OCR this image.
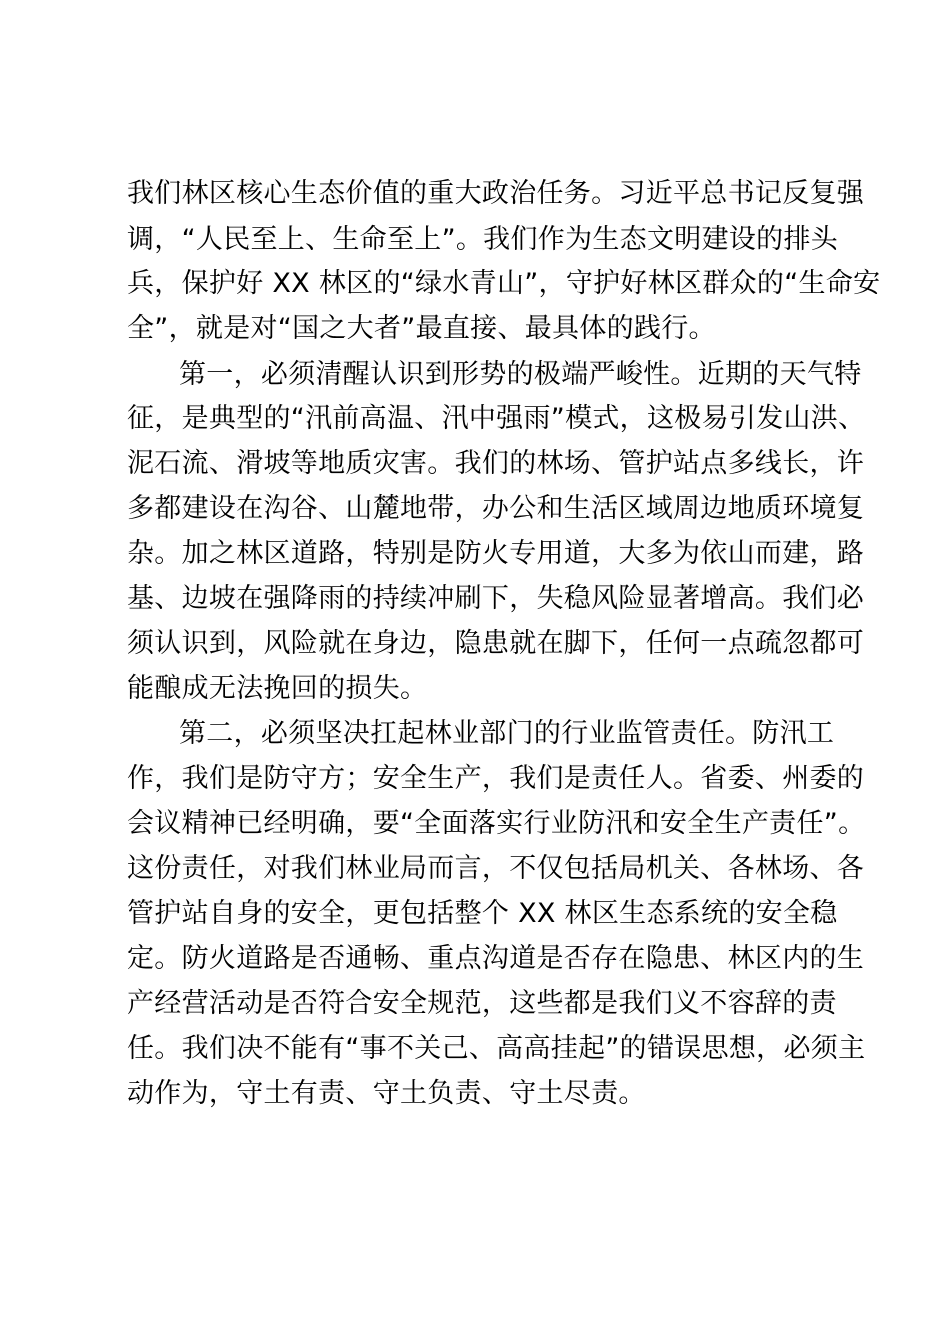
我们林区核心生态价值的重大政治任务。习近平总书记反复强
调，“人民至上、生命至上”。我们作为生态文明建设的排头
兵，保护好 XX 林区的“绿水青山”，守护好林区群众的“生命安
全”，就是对“国之大者”最直接、最具体的践行。
第一，必须清醒认识到形势的极端严峻性。近期的天气特
征，是典型的“汛前高温、汛中强雨”模式，这极易引发山洪、
泥石流、滑坡等地质灾害。我们的林场、管护站点多线长，许
多都建设在沟谷、山麓地带，办公和生活区域周边地质环境复
杂。加之林区道路，特别是防火专用道，大多为依山而建，路
基、边坡在强降雨的持续冲刷下，失稳风险显著增高。我们必
须认识到，风险就在身边，隐患就在脚下，任何一点疏忽都可
能酿成无法挽回的损失。
第二，必须坚决扛起林业部门的行业监管责任。防汛工
作，我们是防守方；安全生产，我们是责任人。省委、州委的
会议精神已经明确，要“全面落实行业防汛和安全生产责任”。
这份责任，对我们林业局而言，不仅包括局机关、各林场、各
管护站自身的安全，更包括整个 XX 林区生态系统的安全稳
定。防火道路是否通畅、重点沟道是否存在隐患、林区内的生
产经营活动是否符合安全规范，这些都是我们义不容辞的责
任。我们决不能有“事不关己、高高挂起”的错误思想，必须主
动作为，守土有责、守土负责、守土尽责。
